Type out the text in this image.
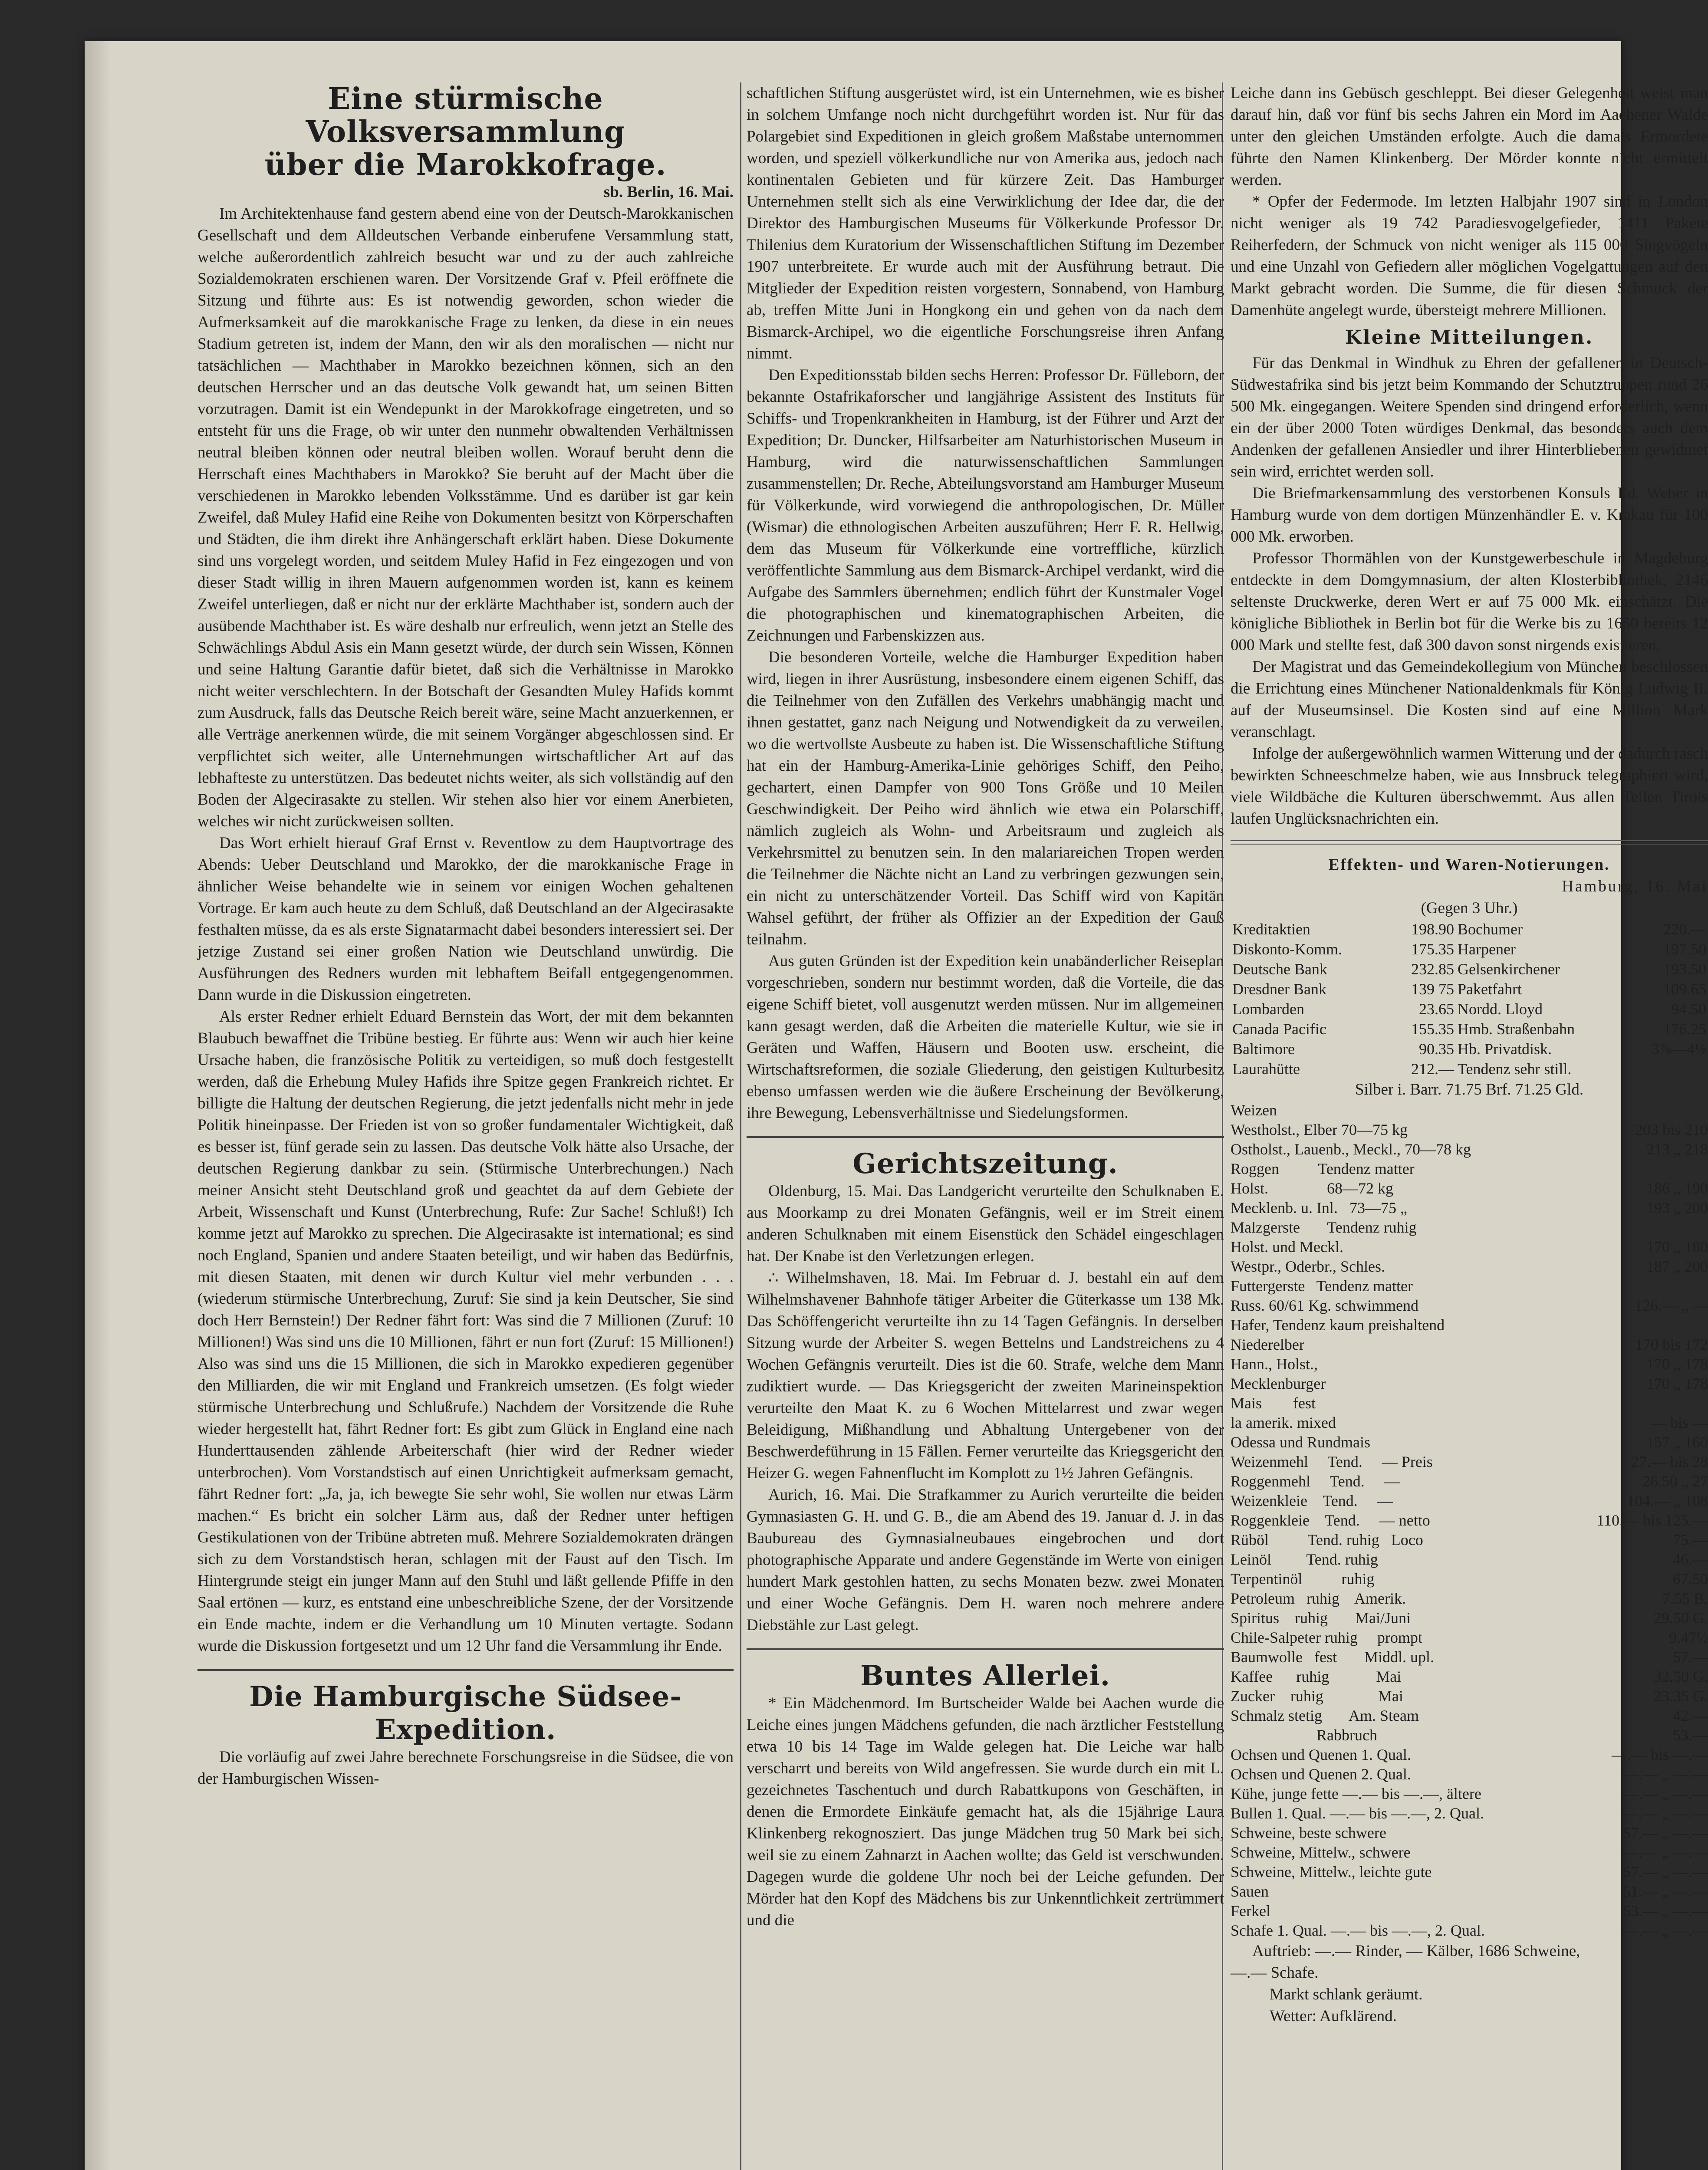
Eine stürmische Volksversammlung
über die Marokkofrage.

sb. Berlin, 16. Mai.

Im Architektenhause fand gestern abend eine von der Deutsch-Marokkanischen Gesellschaft und dem Alldeutschen Verbande einberufene Versammlung statt, welche außerordentlich zahlreich besucht war und zu der auch zahlreiche Sozialdemokraten erschienen waren. Der Vorsitzende Graf v. Pfeil eröffnete die Sitzung und führte aus: Es ist notwendig geworden, schon wieder die Aufmerksamkeit auf die marokkanische Frage zu lenken, da diese in ein neues Stadium getreten ist, indem der Mann, den wir als den moralischen — nicht nur tatsächlichen — Machthaber in Marokko bezeichnen können, sich an den deutschen Herrscher und an das deutsche Volk gewandt hat, um seinen Bitten vorzutragen. Damit ist ein Wendepunkt in der Marokkofrage eingetreten, und so entsteht für uns die Frage, ob wir unter den nunmehr obwaltenden Verhältnissen neutral bleiben können oder neutral bleiben wollen. Worauf beruht denn die Herrschaft eines Machthabers in Marokko? Sie beruht auf der Macht über die verschiedenen in Marokko lebenden Volksstämme. Und es darüber ist gar kein Zweifel, daß Muley Hafid eine Reihe von Dokumenten besitzt von Körperschaften und Städten, die ihm direkt ihre Anhängerschaft erklärt haben. Diese Dokumente sind uns vorgelegt worden, und seitdem Muley Hafid in Fez eingezogen und von dieser Stadt willig in ihren Mauern aufgenommen worden ist, kann es keinem Zweifel unterliegen, daß er nicht nur der erklärte Machthaber ist, sondern auch der ausübende Machthaber ist. Es wäre deshalb nur erfreulich, wenn jetzt an Stelle des Schwächlings Abdul Asis ein Mann gesetzt würde, der durch sein Wissen, Können und seine Haltung Garantie dafür bietet, daß sich die Verhältnisse in Marokko nicht weiter verschlechtern. In der Botschaft der Gesandten Muley Hafids kommt zum Ausdruck, falls das Deutsche Reich bereit wäre, seine Macht anzuerkennen, er alle Verträge anerkennen würde, die mit seinem Vorgänger abgeschlossen sind. Er verpflichtet sich weiter, alle Unternehmungen wirtschaftlicher Art auf das lebhafteste zu unterstützen. Das bedeutet nichts weiter, als sich vollständig auf den Boden der Algecirasakte zu stellen. Wir stehen also hier vor einem Anerbieten, welches wir nicht zurückweisen sollten.

Das Wort erhielt hierauf Graf Ernst v. Reventlow zu dem Hauptvortrage des Abends: Ueber Deutschland und Marokko, der die marokkanische Frage in ähnlicher Weise behandelte wie in seinem vor einigen Wochen gehaltenen Vortrage. Er kam auch heute zu dem Schluß, daß Deutschland an der Algecirasakte festhalten müsse, da es als erste Signatarmacht dabei besonders interessiert sei. Der jetzige Zustand sei einer großen Nation wie Deutschland unwürdig. Die Ausführungen des Redners wurden mit lebhaftem Beifall entgegengenommen. Dann wurde in die Diskussion eingetreten.

Als erster Redner erhielt Eduard Bernstein das Wort, der mit dem bekannten Blaubuch bewaffnet die Tribüne bestieg. Er führte aus: Wenn wir auch hier keine Ursache haben, die französische Politik zu verteidigen, so muß doch festgestellt werden, daß die Erhebung Muley Hafids ihre Spitze gegen Frankreich richtet. Er billigte die Haltung der deutschen Regierung, die jetzt jedenfalls nicht mehr in jede Politik hineinpasse. Der Frieden ist von so großer fundamentaler Wichtigkeit, daß es besser ist, fünf gerade sein zu lassen. Das deutsche Volk hätte also Ursache, der deutschen Regierung dankbar zu sein. (Stürmische Unterbrechungen.) Nach meiner Ansicht steht Deutschland groß und geachtet da auf dem Gebiete der Arbeit, Wissenschaft und Kunst (Unterbrechung, Rufe: Zur Sache! Schluß!) Ich komme jetzt auf Marokko zu sprechen. Die Algecirasakte ist international; es sind noch England, Spanien und andere Staaten beteiligt, und wir haben das Bedürfnis, mit diesen Staaten, mit denen wir durch Kultur viel mehr verbunden . . . (wiederum stürmische Unterbrechung, Zuruf: Sie sind ja kein Deutscher, Sie sind doch Herr Bernstein!) Der Redner fährt fort: Was sind die 7 Millionen (Zuruf: 10 Millionen!) Was sind uns die 10 Millionen, fährt er nun fort (Zuruf: 15 Millionen!) Also was sind uns die 15 Millionen, die sich in Marokko expedieren gegenüber den Milliarden, die wir mit England und Frankreich umsetzen. (Es folgt wieder stürmische Unterbrechung und Schlußrufe.) Nachdem der Vorsitzende die Ruhe wieder hergestellt hat, fährt Redner fort: Es gibt zum Glück in England eine nach Hunderttausenden zählende Arbeiterschaft (hier wird der Redner wieder unterbrochen). Vom Vorstandstisch auf einen Unrichtigkeit aufmerksam gemacht, fährt Redner fort: „Ja, ja, ich bewegte Sie sehr wohl, Sie wollen nur etwas Lärm machen.“ Es bricht ein solcher Lärm aus, daß der Redner unter heftigen Gestikulationen von der Tribüne abtreten muß. Mehrere Sozialdemokraten drängen sich zu dem Vorstandstisch heran, schlagen mit der Faust auf den Tisch. Im Hintergrunde steigt ein junger Mann auf den Stuhl und läßt gellende Pfiffe in den Saal ertönen — kurz, es entstand eine unbeschreibliche Szene, der der Vorsitzende ein Ende machte, indem er die Verhandlung um 10 Minuten vertagte. Sodann wurde die Diskussion fortgesetzt und um 12 Uhr fand die Versammlung ihr Ende.

Die Hamburgische Südsee-Expedition.

Die vorläufig auf zwei Jahre berechnete Forschungsreise in die Südsee, die von der Hamburgischen Wissen-

schaftlichen Stiftung ausgerüstet wird, ist ein Unternehmen, wie es bisher in solchem Umfange noch nicht durchgeführt worden ist. Nur für das Polargebiet sind Expeditionen in gleich großem Maßstabe unternommen worden, und speziell völkerkundliche nur von Amerika aus, jedoch nach kontinentalen Gebieten und für kürzere Zeit. Das Hamburger Unternehmen stellt sich als eine Verwirklichung der Idee dar, die der Direktor des Hamburgischen Museums für Völkerkunde Professor Dr. Thilenius dem Kuratorium der Wissenschaftlichen Stiftung im Dezember 1907 unterbreitete. Er wurde auch mit der Ausführung betraut. Die Mitglieder der Expedition reisten vorgestern, Sonnabend, von Hamburg ab, treffen Mitte Juni in Hongkong ein und gehen von da nach dem Bismarck-Archipel, wo die eigentliche Forschungsreise ihren Anfang nimmt.

Den Expeditionsstab bilden sechs Herren: Professor Dr. Fülleborn, der bekannte Ostafrikaforscher und langjährige Assistent des Instituts für Schiffs- und Tropenkrankheiten in Hamburg, ist der Führer und Arzt der Expedition; Dr. Duncker, Hilfsarbeiter am Naturhistorischen Museum in Hamburg, wird die naturwissenschaftlichen Sammlungen zusammenstellen; Dr. Reche, Abteilungsvorstand am Hamburger Museum für Völkerkunde, wird vorwiegend die anthropologischen, Dr. Müller (Wismar) die ethnologischen Arbeiten auszuführen; Herr F. R. Hellwig, dem das Museum für Völkerkunde eine vortreffliche, kürzlich veröffentlichte Sammlung aus dem Bismarck-Archipel verdankt, wird die Aufgabe des Sammlers übernehmen; endlich führt der Kunstmaler Vogel die photographischen und kinematographischen Arbeiten, die Zeichnungen und Farbenskizzen aus.

Die besonderen Vorteile, welche die Hamburger Expedition haben wird, liegen in ihrer Ausrüstung, insbesondere einem eigenen Schiff, das die Teilnehmer von den Zufällen des Verkehrs unabhängig macht und ihnen gestattet, ganz nach Neigung und Notwendigkeit da zu verweilen, wo die wertvollste Ausbeute zu haben ist. Die Wissenschaftliche Stiftung hat ein der Hamburg-Amerika-Linie gehöriges Schiff, den Peiho, gechartert, einen Dampfer von 900 Tons Größe und 10 Meilen Geschwindigkeit. Der Peiho wird ähnlich wie etwa ein Polarschiff, nämlich zugleich als Wohn- und Arbeitsraum und zugleich als Verkehrsmittel zu benutzen sein. In den malariareichen Tropen werden die Teilnehmer die Nächte nicht an Land zu verbringen gezwungen sein, ein nicht zu unterschätzender Vorteil. Das Schiff wird von Kapitän Wahsel geführt, der früher als Offizier an der Expedition der Gauß teilnahm.

Aus guten Gründen ist der Expedition kein unabänderlicher Reiseplan vorgeschrieben, sondern nur bestimmt worden, daß die Vorteile, die das eigene Schiff bietet, voll ausgenutzt werden müssen. Nur im allgemeinen kann gesagt werden, daß die Arbeiten die materielle Kultur, wie sie in Geräten und Waffen, Häusern und Booten usw. erscheint, die Wirtschaftsreformen, die soziale Gliederung, den geistigen Kulturbesitz ebenso umfassen werden wie die äußere Erscheinung der Bevölkerung, ihre Bewegung, Lebensverhältnisse und Siedelungsformen.

Gerichtszeitung.

Oldenburg, 15. Mai. Das Landgericht verurteilte den Schulknaben E. aus Moorkamp zu drei Monaten Gefängnis, weil er im Streit einem anderen Schulknaben mit einem Eisenstück den Schädel eingeschlagen hat. Der Knabe ist den Verletzungen erlegen.

∴ Wilhelmshaven, 18. Mai. Im Februar d. J. bestahl ein auf dem Wilhelmshavener Bahnhofe tätiger Arbeiter die Güterkasse um 138 Mk. Das Schöffengericht verurteilte ihn zu 14 Tagen Gefängnis. In derselben Sitzung wurde der Arbeiter S. wegen Bettelns und Landstreichens zu 4 Wochen Gefängnis verurteilt. Dies ist die 60. Strafe, welche dem Mann zudiktiert wurde. — Das Kriegsgericht der zweiten Marineinspektion verurteilte den Maat K. zu 6 Wochen Mittelarrest und zwar wegen Beleidigung, Mißhandlung und Abhaltung Untergebener von der Beschwerdeführung in 15 Fällen. Ferner verurteilte das Kriegsgericht den Heizer G. wegen Fahnenflucht im Komplott zu 1½ Jahren Gefängnis.

Aurich, 16. Mai. Die Strafkammer zu Aurich verurteilte die beiden Gymnasiasten G. H. und G. B., die am Abend des 19. Januar d. J. in das Baubureau des Gymnasialneubaues eingebrochen und dort photographische Apparate und andere Gegenstände im Werte von einigen hundert Mark gestohlen hatten, zu sechs Monaten bezw. zwei Monaten und einer Woche Gefängnis. Dem H. waren noch mehrere andere Diebstähle zur Last gelegt.

Buntes Allerlei.

* Ein Mädchenmord. Im Burtscheider Walde bei Aachen wurde die Leiche eines jungen Mädchens gefunden, die nach ärztlicher Feststellung etwa 10 bis 14 Tage im Walde gelegen hat. Die Leiche war halb verscharrt und bereits von Wild angefressen. Sie wurde durch ein mit L. gezeichnetes Taschentuch und durch Rabattkupons von Geschäften, in denen die Ermordete Einkäufe gemacht hat, als die 15jährige Laura Klinkenberg rekognosziert. Das junge Mädchen trug 50 Mark bei sich, weil sie zu einem Zahnarzt in Aachen wollte; das Geld ist verschwunden. Dagegen wurde die goldene Uhr noch bei der Leiche gefunden. Der Mörder hat den Kopf des Mädchens bis zur Unkenntlichkeit zertrümmert und die

Leiche dann ins Gebüsch geschleppt. Bei dieser Gelegenheit weist man darauf hin, daß vor fünf bis sechs Jahren ein Mord im Aachener Walde unter den gleichen Umständen erfolgte. Auch die damals Ermordete führte den Namen Klinkenberg. Der Mörder konnte nicht ermittelt werden.

* Opfer der Federmode. Im letzten Halbjahr 1907 sind in London nicht weniger als 19 742 Paradiesvogelgefieder, 1411 Pakete Reiherfedern, der Schmuck von nicht weniger als 115 000 Singvögeln und eine Unzahl von Gefiedern aller möglichen Vogelgattungen auf den Markt gebracht worden. Die Summe, die für diesen Schmuck der Damenhüte angelegt wurde, übersteigt mehrere Millionen.

Kleine Mitteilungen.

Für das Denkmal in Windhuk zu Ehren der gefallenen in Deutsch-Südwestafrika sind bis jetzt beim Kommando der Schutztruppen rund 26 500 Mk. eingegangen. Weitere Spenden sind dringend erforderlich, wenn ein der über 2000 Toten würdiges Denkmal, das besonders auch dem Andenken der gefallenen Ansiedler und ihrer Hinterbliebenen gewidmet sein wird, errichtet werden soll.

Die Briefmarkensammlung des verstorbenen Konsuls Ed. Weber in Hamburg wurde von dem dortigen Münzenhändler E. v. Krakau für 100 000 Mk. erworben.

Professor Thormählen von der Kunstgewerbeschule in Magdeburg entdeckte in dem Domgymnasium, der alten Klosterbibliothek, 2146 seltenste Druckwerke, deren Wert er auf 75 000 Mk. einschätzt. Die königliche Bibliothek in Berlin bot für die Werke bis zu 1650 bereits 12 000 Mark und stellte fest, daß 300 davon sonst nirgends existieren.

Der Magistrat und das Gemeindekollegium von München beschlossen die Errichtung eines Münchener Nationaldenkmals für König Ludwig II. auf der Museumsinsel. Die Kosten sind auf eine Million Mark veranschlagt.

Infolge der außergewöhnlich warmen Witterung und der dadurch rasch bewirkten Schneeschmelze haben, wie aus Innsbruck telegraphiert wird, viele Wildbäche die Kulturen überschwemmt. Aus allen Teilen Tirols laufen Unglücksnachrichten ein.

Effekten- und Waren-Notierungen.

Hamburg, 16. Mai

(Gegen 3 Uhr.)

Kreditaktien	198.90	Bochumer	220.—
Diskonto-Komm.	175.35	Harpener	197.50
Deutsche Bank	232.85	Gelsenkirchener	193.50
Dresdner Bank	139 75	Paketfahrt	109.65
Lombarden	23.65	Nordd. Lloyd	94.50
Canada Pacific	155.35	Hmb. Straßenbahn	176.25
Baltimore	90.35	Hb. Privatdisk.	3⅞—4⅛
Laurahütte	212.—	Tendenz sehr still.	

Silber i. Barr. 71.75 Brf. 71.25 Gld.

Weizen
Westholst., Elber 70—75 kg	203 bis 210
Ostholst., Lauenb., Meckl., 70—78 kg	213 „ 218
Roggen          Tendenz matter
Holst.               68—72 kg	186 „ 190
Mecklenb. u. Inl.   73—75 „	193 „ 200
Malzgerste       Tendenz ruhig
Holst. und Meckl.	170 „ 180
Westpr., Oderbr., Schles.	187 „ 200
Futtergerste   Tendenz matter
Russ. 60/61 Kg. schwimmend	126.— „ —
Hafer, Tendenz kaum preishaltend
Niederelber	170 bis 172
Hann., Holst.,	170 „ 178
Mecklenburger	170 „ 178
Mais        fest
la amerik. mixed	— bis —
Odessa und Rundmais	157 „ 160
Weizenmehl     Tend.     — Preis	27.— bis 28
Roggenmehl     Tend.     —	26.50 „ 27
Weizenkleie    Tend.     —	104.— „ 108
Roggenkleie    Tend.     — netto	110.— bis 125.—
Rüböl          Tend. ruhig   Loco	75.—
Leinöl         Tend. ruhig	46.—
Terpentinöl          ruhig	67.50
Petroleum   ruhig    Amerik.	7.55 B.
Spiritus    ruhig       Mai/Juni	29.50 G.
Chile-Salpeter ruhig     prompt	9.47½
Baumwolle   fest       Middl. upl.	57.—
Kaffee      ruhig            Mai	32.50 G.
Zucker    ruhig              Mai	23.35 G.
Schmalz stetig       Am. Steam	42.—
Rabbruch	53.—
Ochsen und Quenen 1. Qual.	—.— bis —.—
Ochsen und Quenen 2. Qual.	—.— „ —.—
Kühe, junge fette —.— bis —.—, ältere	—.— „ —.—
Bullen 1. Qual. —.— bis —.—, 2. Qual.	—.— „ —.—
Schweine, beste schwere	57.— „ —.—
Schweine, Mittelw., schwere	—.— „ —.—
Schweine, Mittelw., leichte gute	57.— „ —.—
Sauen	51.— „ —.—
Ferkel	53.— „ —.—
Schafe 1. Qual. —.— bis —.—, 2. Qual.	—.— „ —.—

Auftrieb: —.— Rinder, — Kälber, 1686 Schweine,

—.— Schafe.

Markt schlank geräumt.

Wetter: Aufklärend.
